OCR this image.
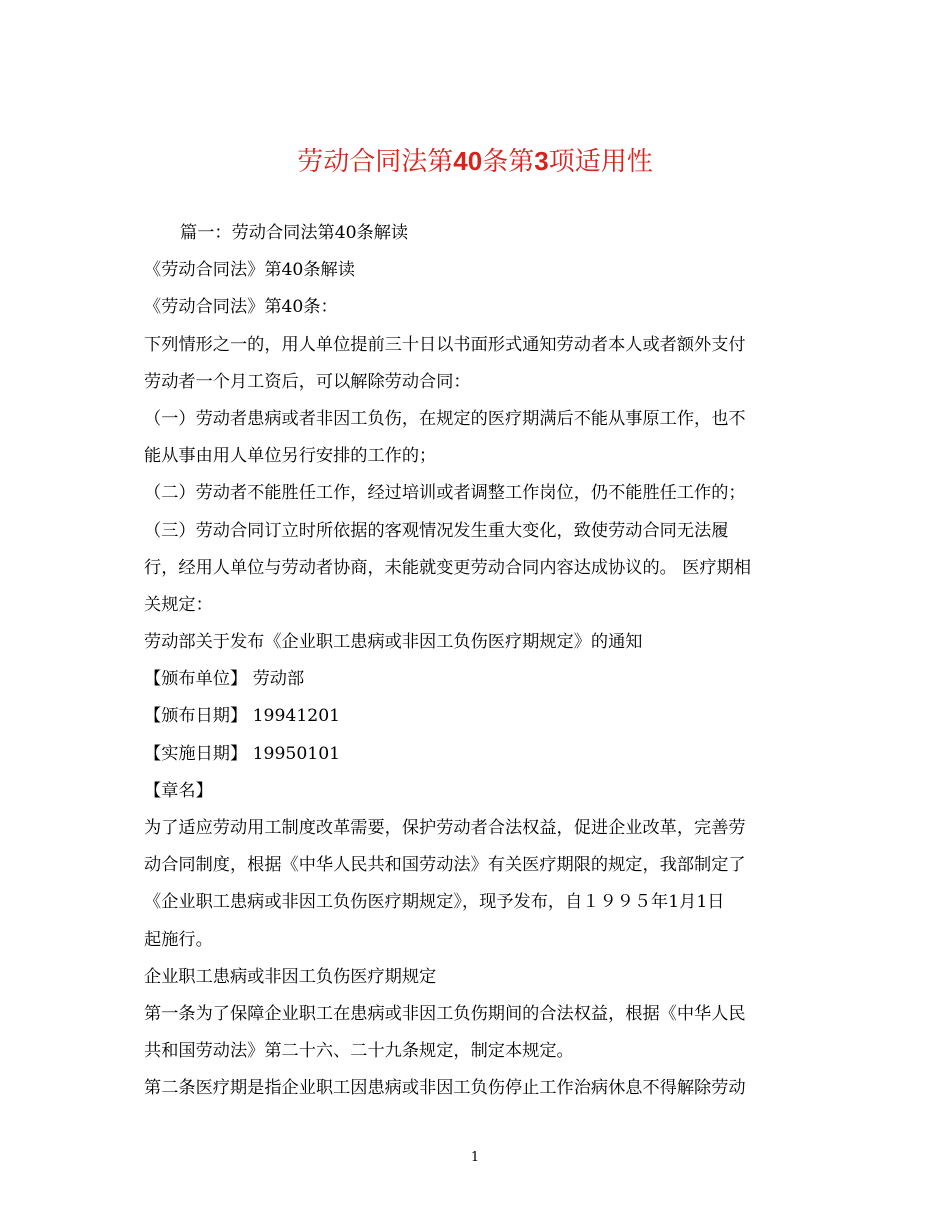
劳动合同法第40条第3项适用性
篇一：劳动合同法第40条解读
《劳动合同法》第40条解读
《劳动合同法》第40条：
下列情形之一的，用人单位提前三十日以书面形式通知劳动者本人或者额外支付
劳动者一个月工资后，可以解除劳动合同：
（一）劳动者患病或者非因工负伤，在规定的医疗期满后不能从事原工作，也不
能从事由用人单位另行安排的工作的；
（二）劳动者不能胜任工作，经过培训或者调整工作岗位，仍不能胜任工作的；
（三）劳动合同订立时所依据的客观情况发生重大变化，致使劳动合同无法履
行，经用人单位与劳动者协商，未能就变更劳动合同内容达成协议的。 医疗期相
关规定：
劳动部关于发布《企业职工患病或非因工负伤医疗期规定》的通知
【颁布单位】 劳动部
【颁布日期】 19941201
【实施日期】 19950101
【章名】
为了适应劳动用工制度改革需要，保护劳动者合法权益，促进企业改革，完善劳
动合同制度，根据《中华人民共和国劳动法》有关医疗期限的规定，我部制定了
《企业职工患病或非因工负伤医疗期规定》，现予发布，自１９９５年1月1日
起施行。
企业职工患病或非因工负伤医疗期规定
第一条为了保障企业职工在患病或非因工负伤期间的合法权益，根据《中华人民
共和国劳动法》第二十六、二十九条规定，制定本规定。
第二条医疗期是指企业职工因患病或非因工负伤停止工作治病休息不得解除劳动
1
